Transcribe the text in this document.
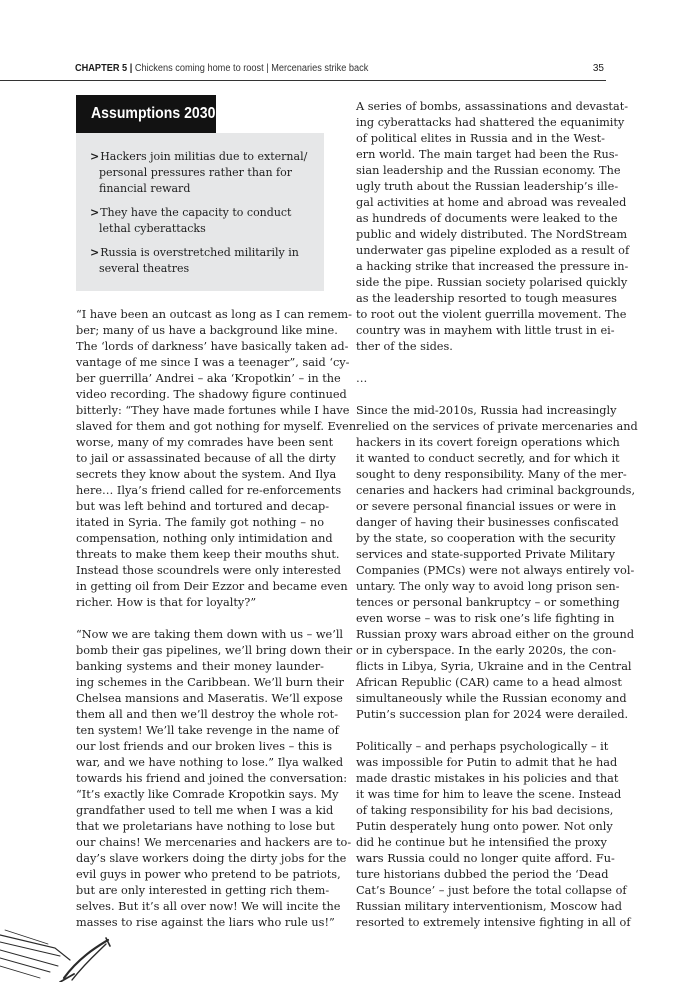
CHAPTER 5 | Chickens coming home to roost | Mercenaries strike back	35
Assumptions 2030
>Hackers join militias due to external/
personal pressures rather than for
financial reward
>They have the capacity to conduct
lethal cyberattacks
>Russia is overstretched militarily in
several theatres
“I have been an outcast as long as I can remem-
ber; many of us have a background like mine.
The ‘lords of darkness’ have basically taken ad-
vantage of me since I was a teenager”, said ‘cy-
ber guerrilla’ Andrei – aka ‘Kropotkin’ – in the
video recording. The shadowy figure continued
bitterly: “They have made fortunes while I have
slaved for them and got nothing for myself. Even
worse, many of my comrades have been sent
to jail or assassinated because of all the dirty
secrets they know about the system. And Ilya
here… Ilya’s friend called for re-enforcements
but was left behind and tortured and decap-
itated in Syria. The family got nothing – no
compensation, nothing only intimidation and
threats to make them keep their mouths shut.
Instead those scoundrels were only interested
in getting oil from Deir Ezzor and became even
richer. How is that for loyalty?”
“Now we are taking them down with us – we’ll
bomb their gas pipelines, we’ll bring down their
banking systems and their money launder-
ing schemes in the Caribbean. We’ll burn their
Chelsea mansions and Maseratis. We’ll expose
them all and then we’ll destroy the whole rot-
ten system! We’ll take revenge in the name of
our lost friends and our broken lives – this is
war, and we have nothing to lose.” Ilya walked
towards his friend and joined the conversation:
“It’s exactly like Comrade Kropotkin says. My
grandfather used to tell me when I was a kid
that we proletarians have nothing to lose but
our chains! We mercenaries and hackers are to-
day’s slave workers doing the dirty jobs for the
evil guys in power who pretend to be patriots,
but are only interested in getting rich them-
selves. But it’s all over now! We will incite the
masses to rise against the liars who rule us!”
A series of bombs, assassinations and devastat-
ing cyberattacks had shattered the equanimity
of political elites in Russia and in the West-
ern world. The main target had been the Rus-
sian leadership and the Russian economy. The
ugly truth about the Russian leadership’s ille-
gal activities at home and abroad was revealed
as hundreds of documents were leaked to the
public and widely distributed. The NordStream
underwater gas pipeline exploded as a result of
a hacking strike that increased the pressure in-
side the pipe. Russian society polarised quickly
as the leadership resorted to tough measures
to root out the violent guerrilla movement. The
country was in mayhem with little trust in ei-
ther of the sides.
…
Since the mid-2010s, Russia had increasingly
relied on the services of private mercenaries and
hackers in its covert foreign operations which
it wanted to conduct secretly, and for which it
sought to deny responsibility. Many of the mer-
cenaries and hackers had criminal backgrounds,
or severe personal financial issues or were in
danger of having their businesses confiscated
by the state, so cooperation with the security
services and state-supported Private Military
Companies (PMCs) were not always entirely vol-
untary. The only way to avoid long prison sen-
tences or personal bankruptcy – or something
even worse – was to risk one’s life fighting in
Russian proxy wars abroad either on the ground
or in cyberspace. In the early 2020s, the con-
flicts in Libya, Syria, Ukraine and in the Central
African Republic (CAR) came to a head almost
simultaneously while the Russian economy and
Putin’s succession plan for 2024 were derailed.
Politically – and perhaps psychologically – it
was impossible for Putin to admit that he had
made drastic mistakes in his policies and that
it was time for him to leave the scene. Instead
of taking responsibility for his bad decisions,
Putin desperately hung onto power. Not only
did he continue but he intensified the proxy
wars Russia could no longer quite afford. Fu-
ture historians dubbed the period the ‘Dead
Cat’s Bounce’ – just before the total collapse of
Russian military interventionism, Moscow had
resorted to extremely intensive fighting in all of
